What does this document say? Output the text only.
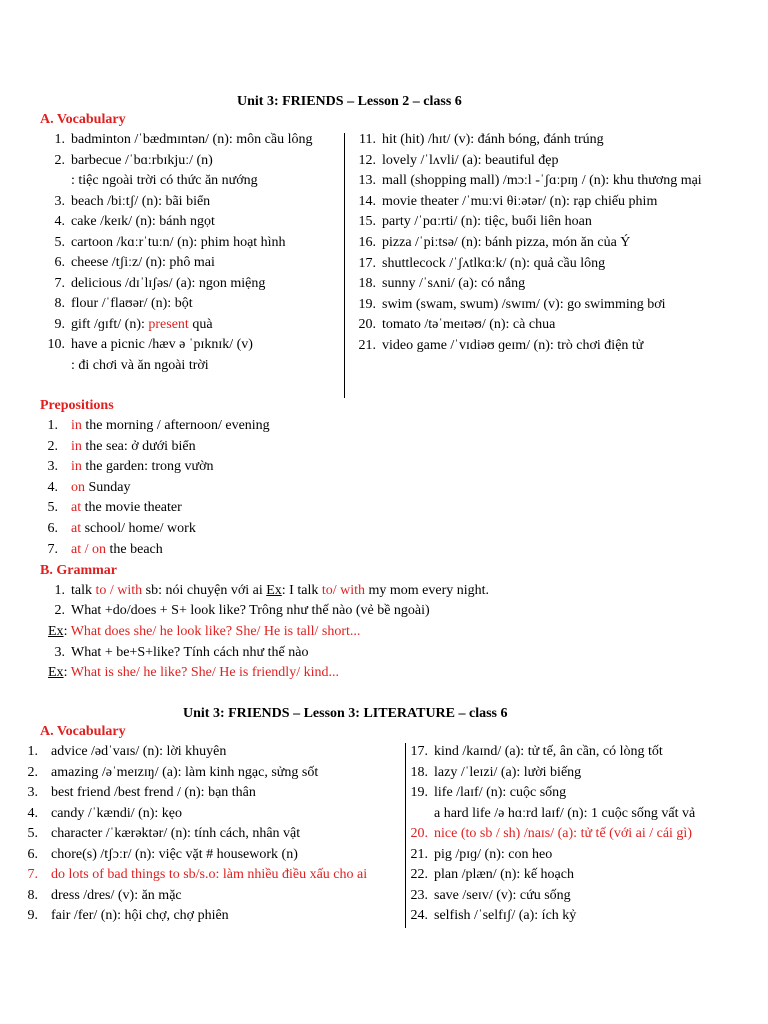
Unit 3: FRIENDS – Lesson 2 – class 6
A. Vocabulary
1. badminton /ˈbædmɪntən/ (n): môn cầu lông
2. barbecue /ˈbɑːrbɪkjuː/ (n)
: tiệc ngoài trời có thức ăn nướng
3. beach /biːtʃ/ (n): bãi biển
4. cake /keɪk/ (n): bánh ngọt
5. cartoon /kɑːrˈtuːn/ (n): phim hoạt hình
6. cheese /tʃiːz/ (n): phô mai
7. delicious /dɪˈlɪʃəs/ (a): ngon miệng
8. flour /ˈflaʊər/ (n): bột
9. gift /ɡɪft/ (n): present quà
10. have a picnic /hæv ə ˈpɪknɪk/ (v)
: đi chơi và ăn ngoài trời
11. hit (hit) /hɪt/ (v): đánh bóng, đánh trúng
12. lovely /ˈlʌvli/ (a): beautiful đẹp
13. mall (shopping mall) /mɔːl -ˈʃɑːpɪŋ / (n): khu thương mại
14. movie theater /ˈmuːvi θiːətər/ (n): rạp chiếu phim
15. party /ˈpɑːrti/ (n): tiệc, buổi liên hoan
16. pizza /ˈpiːtsə/ (n): bánh pizza, món ăn của Ý
17. shuttlecock /ˈʃʌtlkɑːk/ (n): quả cầu lông
18. sunny /ˈsʌni/ (a): có nắng
19. swim (swam, swum) /swɪm/ (v): go swimming bơi
20. tomato /təˈmeɪtəʊ/ (n): cà chua
21. video game /ˈvɪdiəʊ ɡeɪm/ (n): trò chơi điện tử
Prepositions
1. in the morning / afternoon/ evening
2. in the sea: ở dưới biển
3. in the garden: trong vườn
4. on Sunday
5. at the movie theater
6. at school/ home/ work
7. at / on the beach
B. Grammar
1. talk to / with sb: nói chuyện với ai Ex: I talk to/ with my mom every night.
2. What +do/does + S+ look like? Trông như thế nào (vẻ bề ngoài)
Ex: What does she/ he look like? She/ He is tall/ short...
3. What + be+S+like? Tính cách như thế nào
Ex: What is she/ he like? She/ He is friendly/ kind...
Unit 3: FRIENDS – Lesson 3: LITERATURE – class 6
A. Vocabulary
1. advice /ədˈvaɪs/ (n): lời khuyên
2. amazing /əˈmeɪzɪŋ/ (a): làm kinh ngạc, sửng sốt
3. best friend /best frend / (n): bạn thân
4. candy /ˈkændi/ (n): kẹo
5. character /ˈkærəktər/ (n): tính cách, nhân vật
6. chore(s) /tʃɔːr/ (n): việc vặt # housework (n)
7. do lots of bad things to sb/s.o: làm nhiều điều xấu cho ai
8. dress /dres/ (v): ăn mặc
9. fair /fer/ (n): hội chợ, chợ phiên
17. kind /kaɪnd/ (a): tử tế, ân cần, có lòng tốt
18. lazy /ˈleɪzi/ (a): lười biếng
19. life /laɪf/ (n): cuộc sống
a hard life /ə hɑːrd laɪf/ (n): 1 cuộc sống vất vả
20. nice (to sb / sh) /naɪs/ (a): tử tế (với ai / cái gì)
21. pig /pɪɡ/ (n): con heo
22. plan /plæn/ (n): kế hoạch
23. save /seɪv/ (v): cứu sống
24. selfish /ˈselfɪʃ/ (a): ích kỷ
